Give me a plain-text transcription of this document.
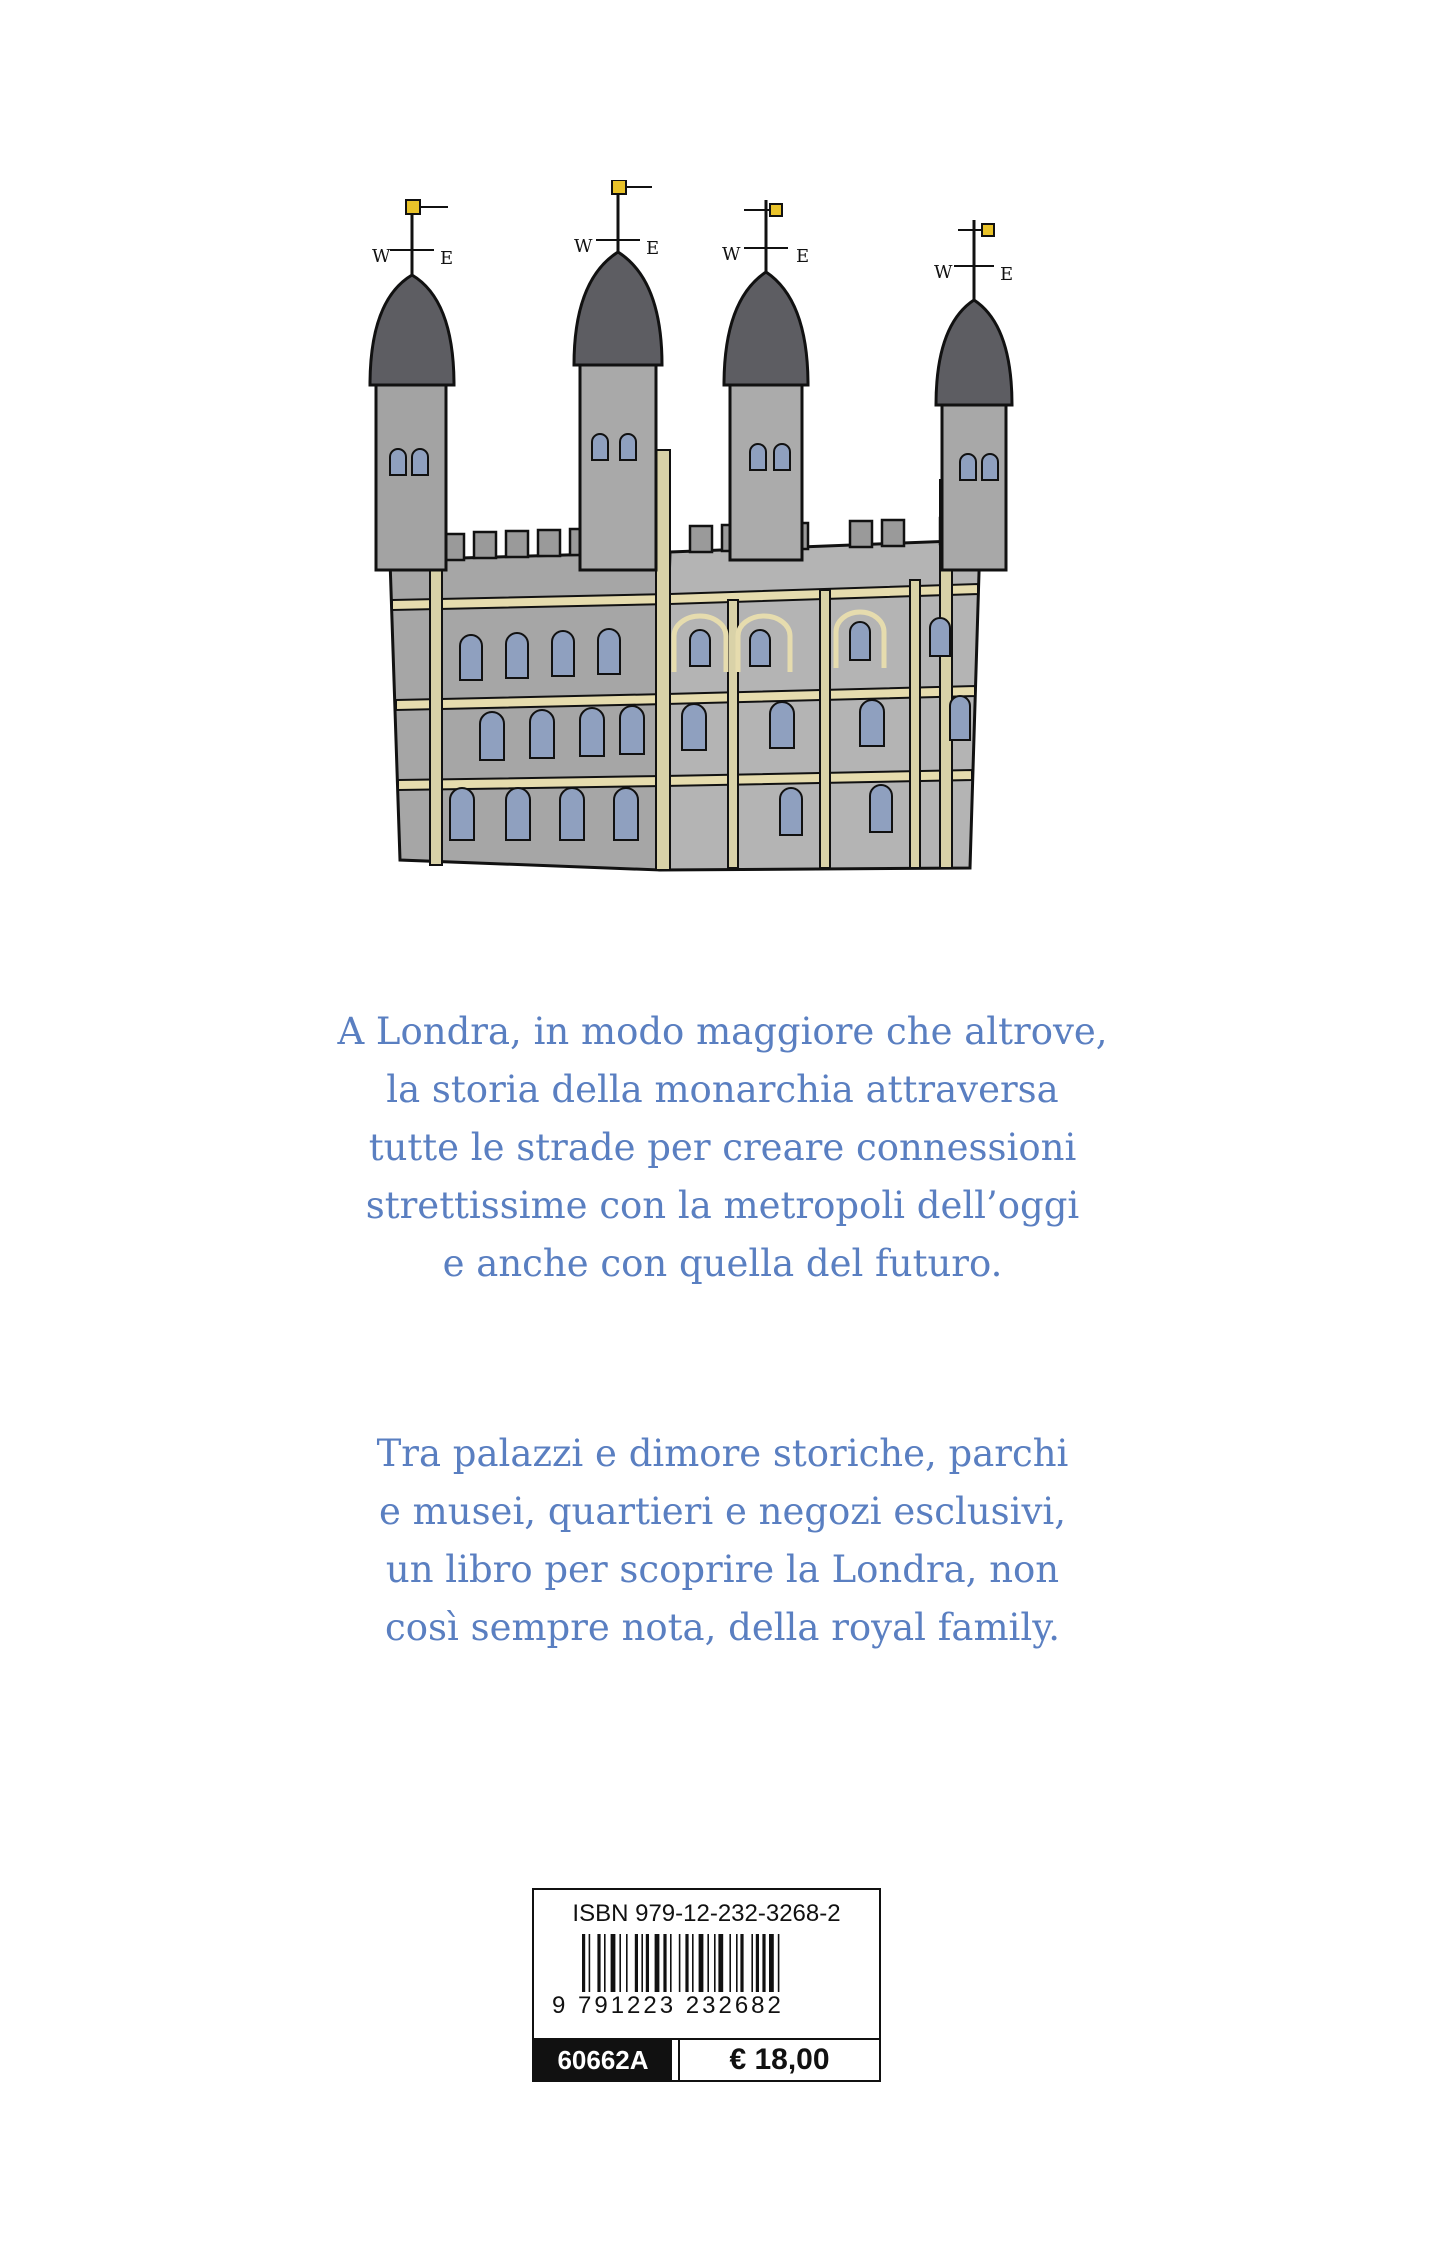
W	E
W	E	W	E
W	E

A Londra, in modo maggiore che altrove,

la storia della monarchia attraversa

tutte le strade per creare connessioni

strettissime con la metropoli dell’oggi

e anche con quella del futuro.

Tra palazzi e dimore storiche, parchi

e musei, quartieri e negozi esclusivi,

un libro per scoprire la Londra, non

così sempre nota, della royal family.

ISBN 979-12-232-3268-2
9 791223 232682
60662A	€ 18,00
